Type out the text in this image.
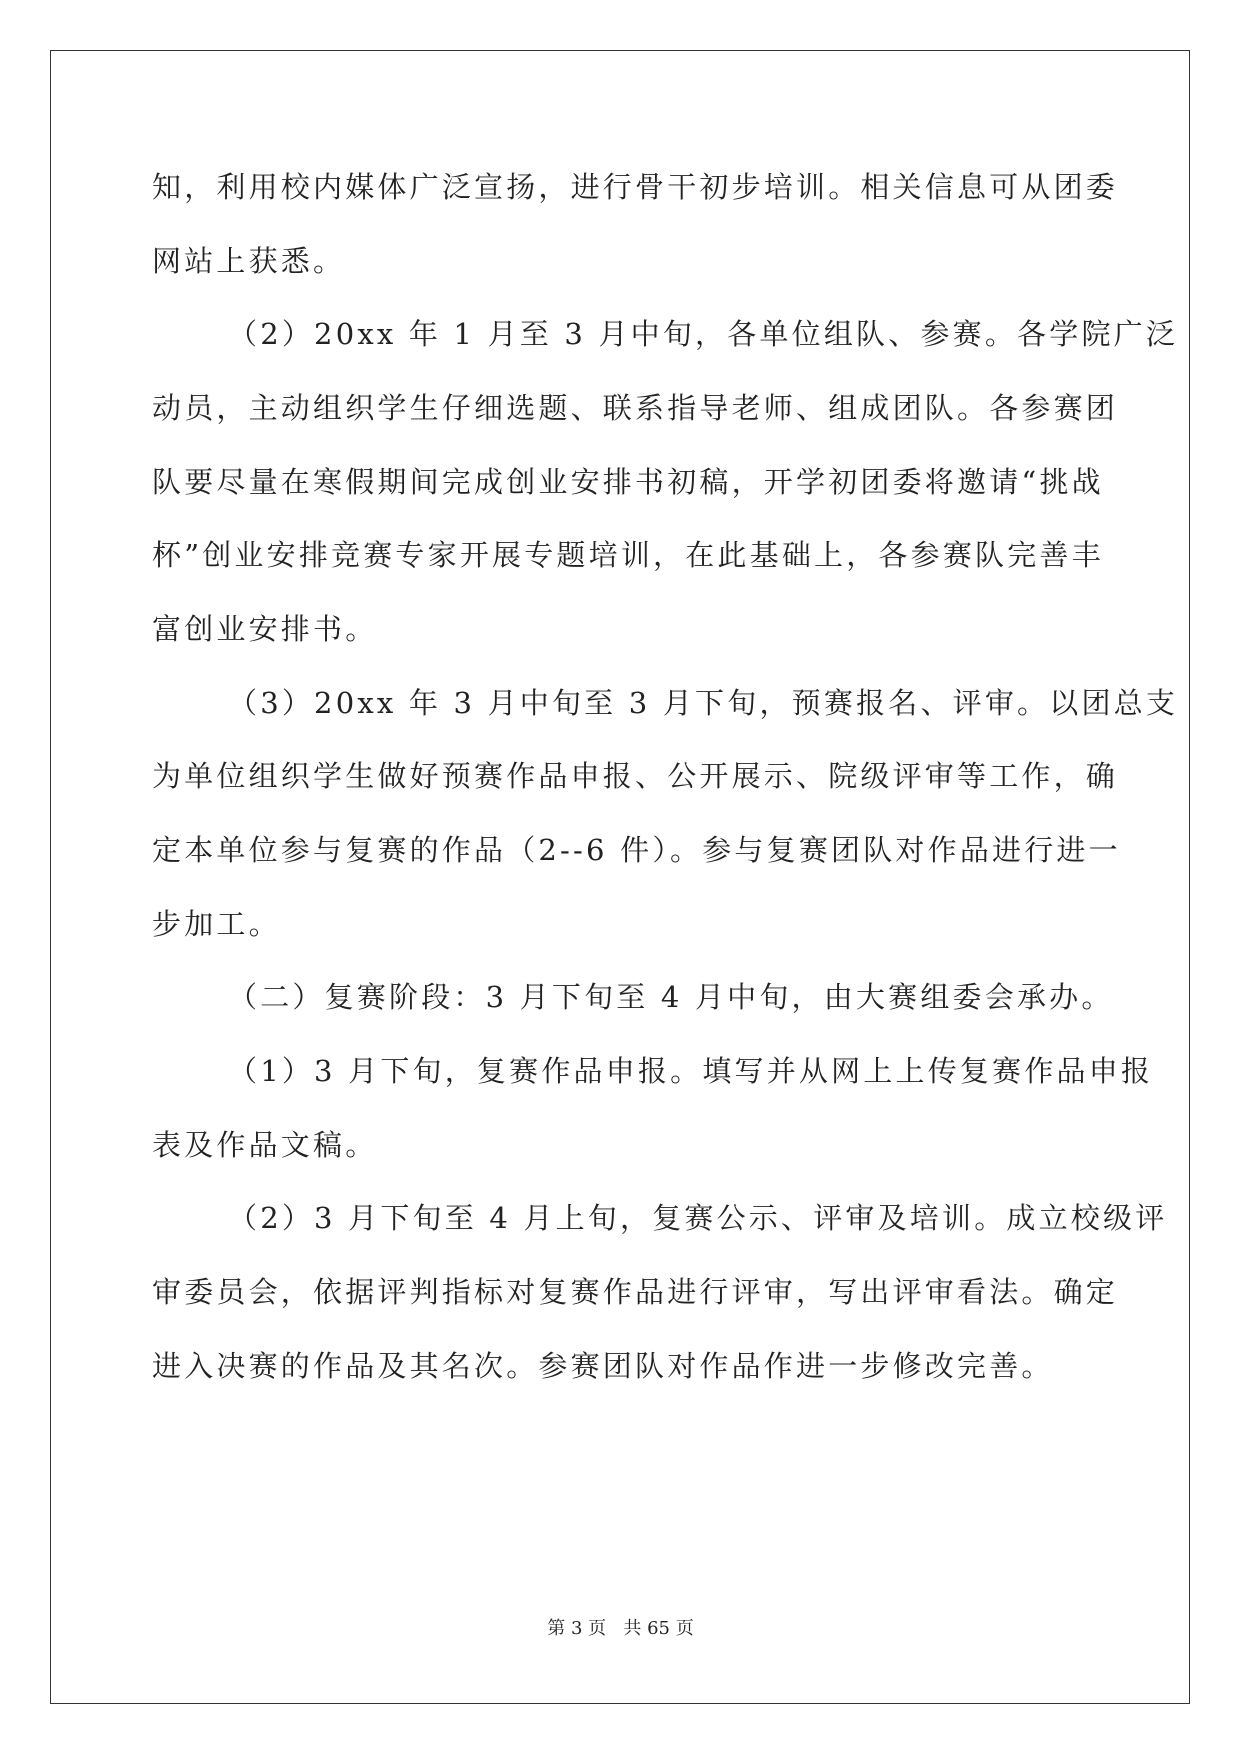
知，利用校内媒体广泛宣扬，进行骨干初步培训。相关信息可从团委
网站上获悉。
（2）20xx 年 1 月至 3 月中旬，各单位组队、参赛。各学院广泛
动员，主动组织学生仔细选题、联系指导老师、组成团队。各参赛团
队要尽量在寒假期间完成创业安排书初稿，开学初团委将邀请“挑战
杯”创业安排竞赛专家开展专题培训，在此基础上，各参赛队完善丰
富创业安排书。
（3）20xx 年 3 月中旬至 3 月下旬，预赛报名、评审。以团总支
为单位组织学生做好预赛作品申报、公开展示、院级评审等工作，确
定本单位参与复赛的作品（2--6 件）。参与复赛团队对作品进行进一
步加工。
（二）复赛阶段：3 月下旬至 4 月中旬，由大赛组委会承办。
（1）3 月下旬，复赛作品申报。填写并从网上上传复赛作品申报
表及作品文稿。
（2）3 月下旬至 4 月上旬，复赛公示、评审及培训。成立校级评
审委员会，依据评判指标对复赛作品进行评审，写出评审看法。确定
进入决赛的作品及其名次。参赛团队对作品作进一步修改完善。
第 3 页 共 65 页
